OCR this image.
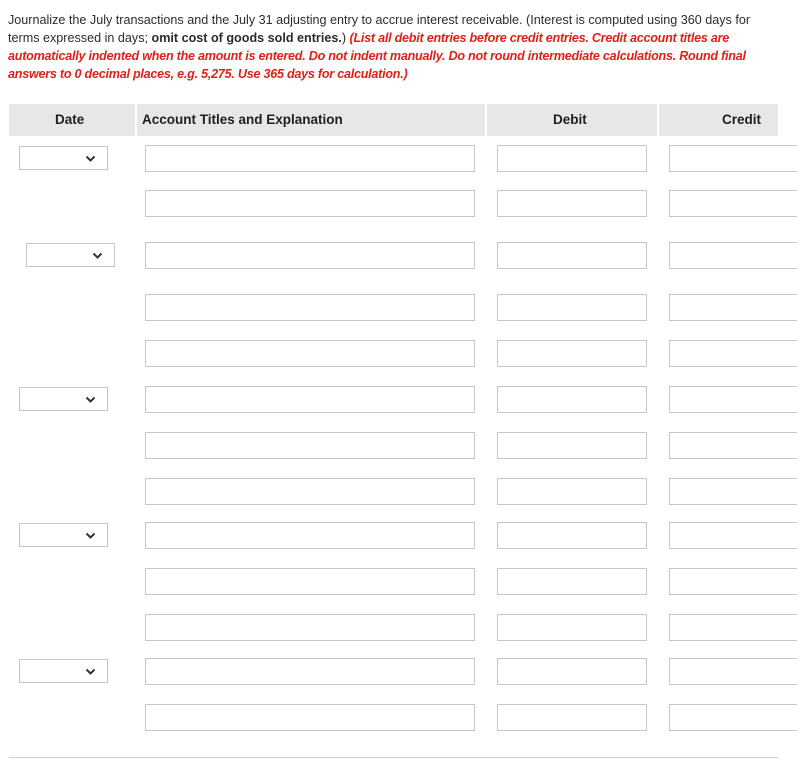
Journalize the July transactions and the July 31 adjusting entry to accrue interest receivable. (Interest is computed using 360 days for terms expressed in days; omit cost of goods sold entries.) (List all debit entries before credit entries. Credit account titles are automatically indented when the amount is entered. Do not indent manually. Do not round intermediate calculations. Round final answers to 0 decimal places, e.g. 5,275. Use 365 days for calculation.)
Date	Account Titles and Explanation	Debit	Credit
